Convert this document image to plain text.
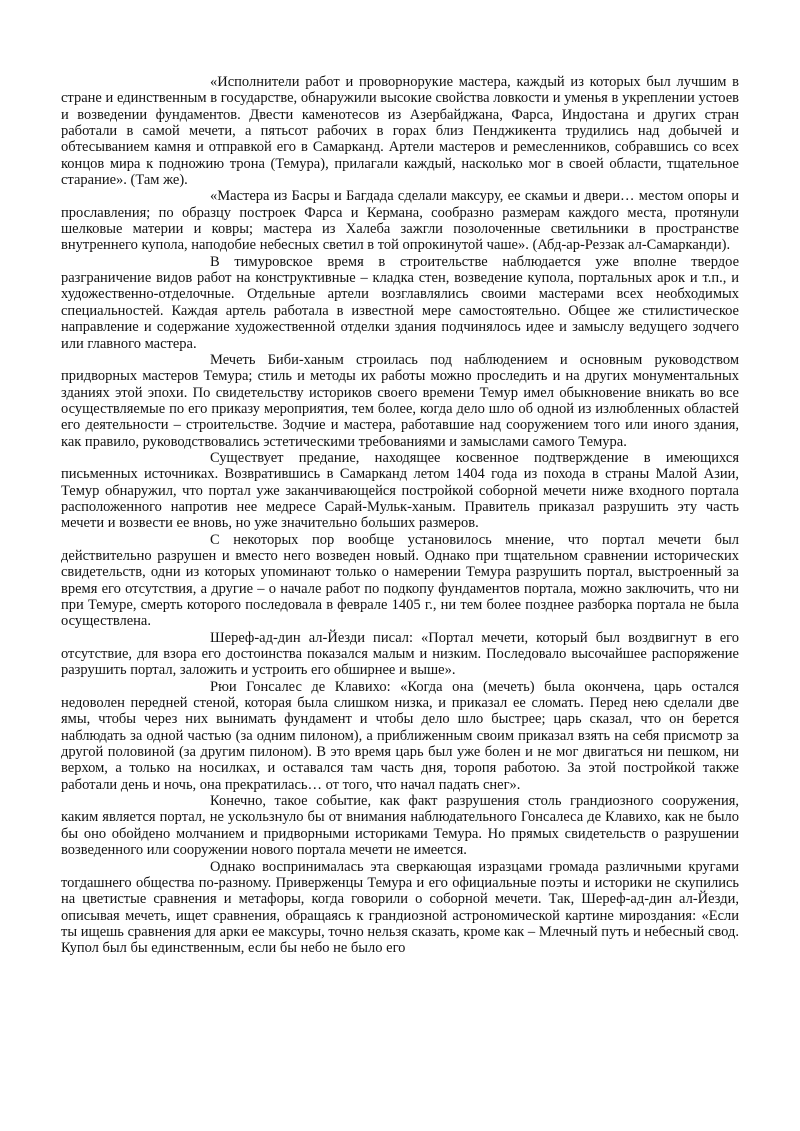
«Исполнители работ и проворнорукие мастера, каждый из которых был лучшим в стране и единственным в государстве, обнаружили высокие свойства ловкости и уменья в укреплении устоев и возведении фундаментов. Двести каменотесов из Азербайджана, Фарса, Индостана и других стран работали в самой мечети, а пятьсот рабочих в горах близ Пенджикента трудились над добычей и обтесыванием камня и отправкой его в Самарканд. Артели мастеров и ремесленников, собравшись со всех концов мира к подножию трона (Темура), прилагали каждый, насколько мог в своей области, тщательное старание». (Там же).

«Мастера из Басры и Багдада сделали максуру, ее скамьи и двери… местом опоры и прославления; по образцу построек Фарса и Кермана, сообразно размерам каждого места, протянули шелковые материи и ковры; мастера из Халеба зажгли позолоченные светильники в пространстве внутреннего купола, наподобие небесных светил в той опрокинутой чаше». (Абд-ар-Реззак ал-Самарканди).

В тимуровское время в строительстве наблюдается уже вполне твердое разграничение видов работ на конструктивные – кладка стен, возведение купола, портальных арок и т.п., и художественно-отделочные. Отдельные артели возглавлялись своими мастерами всех необходимых специальностей. Каждая артель работала в известной мере самостоятельно. Общее же стилистическое направление и содержание художественной отделки здания подчинялось идее и замыслу ведущего зодчего или главного мастера.

Мечеть Биби-ханым строилась под наблюдением и основным руководством придворных мастеров Темура; стиль и методы их работы можно проследить и на других монументальных зданиях этой эпохи. По свидетельству историков своего времени Темур имел обыкновение вникать во все осуществляемые по его приказу мероприятия, тем более, когда дело шло об одной из излюбленных областей его деятельности – строительстве. Зодчие и мастера, работавшие над сооружением того или иного здания, как правило, руководствовались эстетическими требованиями и замыслами самого Темура.

Существует предание, находящее косвенное подтверждение в имеющихся письменных источниках. Возвратившись в Самарканд летом 1404 года из похода в страны Малой Азии, Темур обнаружил, что портал уже заканчивающейся постройкой соборной мечети ниже входного портала расположенного напротив нее медресе Сарай-Мульк-ханым. Правитель приказал разрушить эту часть мечети и возвести ее вновь, но уже значительно больших размеров.

С некоторых пор вообще установилось мнение, что портал мечети был действительно разрушен и вместо него возведен новый. Однако при тщательном сравнении исторических свидетельств, одни из которых упоминают только о намерении Темура разрушить портал, выстроенный за время его отсутствия, а другие – о начале работ по подкопу фундаментов портала, можно заключить, что ни при Темуре, смерть которого последовала в феврале 1405 г., ни тем более позднее разборка портала не была осуществлена.

Шереф-ад-дин ал-Йезди писал: «Портал мечети, который был воздвигнут в его отсутствие, для взора его достоинства показался малым и низким. Последовало высочайшее распоряжение разрушить портал, заложить и устроить его обширнее и выше».

Рюи Гонсалес де Клавихо: «Когда она (мечеть) была окончена, царь остался недоволен передней стеной, которая была слишком низка, и приказал ее сломать. Перед нею сделали две ямы, чтобы через них вынимать фундамент и чтобы дело шло быстрее; царь сказал, что он берется наблюдать за одной частью (за одним пилоном), а приближенным своим приказал взять на себя присмотр за другой половиной (за другим пилоном). В это время царь был уже болен и не мог двигаться ни пешком, ни верхом, а только на носилках, и оставался там часть дня, торопя работою. За этой постройкой также работали день и ночь, она прекратилась… от того, что начал падать снег».

Конечно, такое событие, как факт разрушения столь грандиозного сооружения, каким является портал, не ускользнуло бы от внимания наблюдательного Гонсалеса де Клавихо, как не было бы оно обойдено молчанием и придворными историками Темура. Но прямых свидетельств о разрушении возведенного или сооружении нового портала мечети не имеется.

Однако воспринималась эта сверкающая изразцами громада различными кругами тогдашнего общества по-разному. Приверженцы Темура и его официальные поэты и историки не скупились на цветистые сравнения и метафоры, когда говорили о соборной мечети. Так, Шереф-ад-дин ал-Йезди, описывая мечеть, ищет сравнения, обращаясь к грандиозной астрономической картине мироздания: «Если ты ищешь сравнения для арки ее максуры, точно нельзя сказать, кроме как – Млечный путь и небесный свод. Купол был бы единственным, если бы небо не было его
